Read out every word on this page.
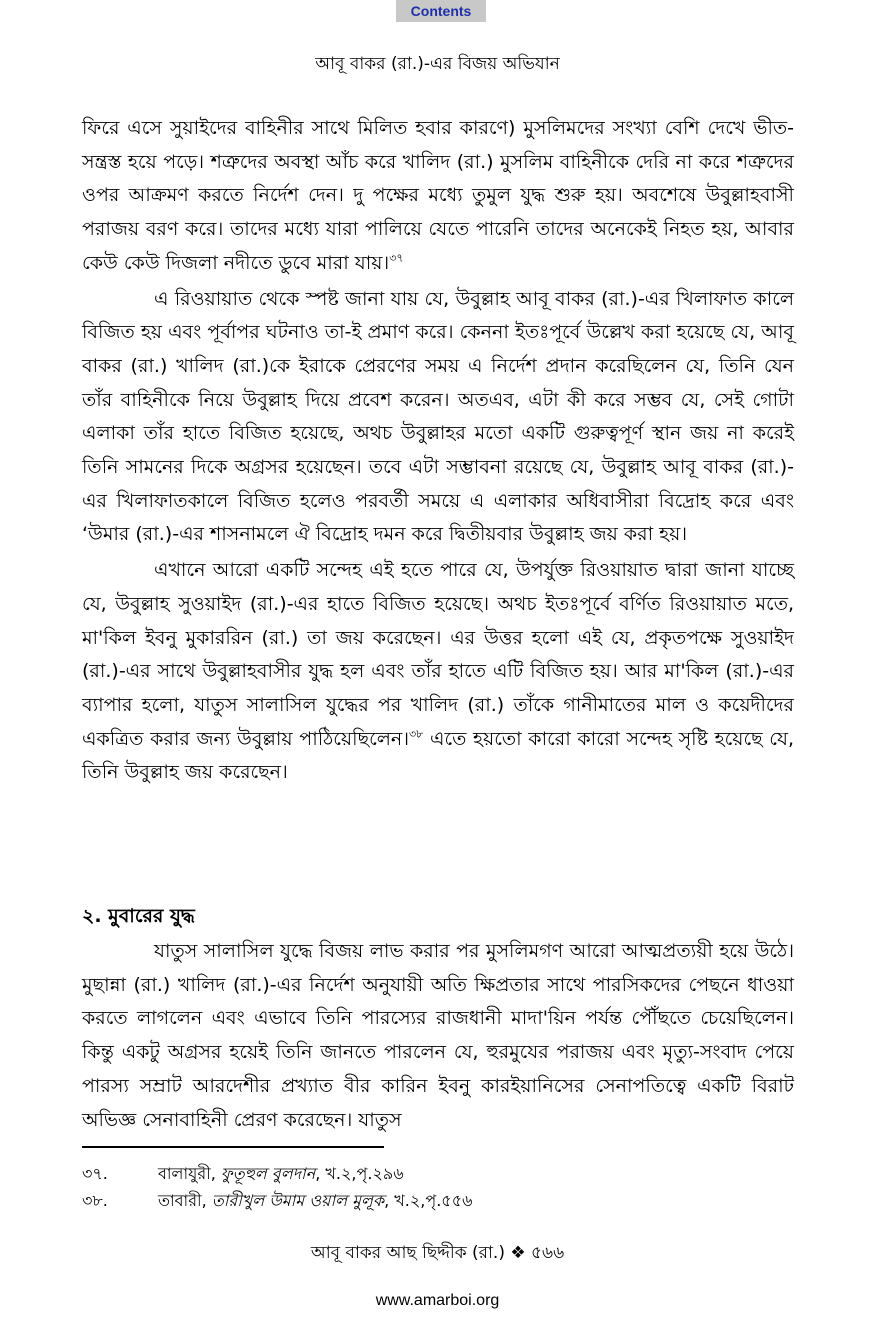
Contents
আবূ বাকর (রা.)-এর বিজয় অভিযান

ফিরে এসে সুয়াইদের বাহিনীর সাথে মিলিত হবার কারণে) মুসলিমদের সংখ্যা বেশি দেখে ভীত-সন্ত্রস্ত হয়ে পড়ে। শত্রুদের অবস্থা আঁচ করে খালিদ (রা.) মুসলিম বাহিনীকে দেরি না করে শত্রুদের ওপর আক্রমণ করতে নির্দেশ দেন। দু পক্ষের মধ্যে তুমুল যুদ্ধ শুরু হয়। অবশেষে উবুল্লাহবাসী পরাজয় বরণ করে। তাদের মধ্যে যারা পালিয়ে যেতে পারেনি তাদের অনেকেই নিহত হয়, আবার কেউ কেউ দিজলা নদীতে ডুবে মারা যায়।$^{৩৭}$

এ রিওয়ায়াত থেকে স্পষ্ট জানা যায় যে, উবুল্লাহ আবূ বাকর (রা.)-এর খিলাফাত কালে বিজিত হয় এবং পূর্বাপর ঘটনাও তা-ই প্রমাণ করে। কেননা ইতঃপূর্বে উল্লেখ করা হয়েছে যে, আবূ বাকর (রা.) খালিদ (রা.)কে ইরাকে প্রেরণের সময় এ নির্দেশ প্রদান করেছিলেন যে, তিনি যেন তাঁর বাহিনীকে নিয়ে উবুল্লাহ দিয়ে প্রবেশ করেন। অতএব, এটা কী করে সম্ভব যে, সেই গোটা এলাকা তাঁর হাতে বিজিত হয়েছে, অথচ উবুল্লাহর মতো একটি গুরুত্বপূর্ণ স্থান জয় না করেই তিনি সামনের দিকে অগ্রসর হয়েছেন। তবে এটা সম্ভাবনা রয়েছে যে, উবুল্লাহ আবূ বাকর (রা.)-এর খিলাফাতকালে বিজিত হলেও পরবর্তী সময়ে এ এলাকার অধিবাসীরা বিদ্রোহ করে এবং ‘উমার (রা.)-এর শাসনামলে ঐ বিদ্রোহ দমন করে দ্বিতীয়বার উবুল্লাহ জয় করা হয়।

এখানে আরো একটি সন্দেহ এই হতে পারে যে, উপর্যুক্ত রিওয়ায়াত দ্বারা জানা যাচ্ছে যে, উবুল্লাহ সুওয়াইদ (রা.)-এর হাতে বিজিত হয়েছে। অথচ ইতঃপূর্বে বর্ণিত রিওয়ায়াত মতে, মা'কিল ইবনু মুকাররিন (রা.) তা জয় করেছেন। এর উত্তর হলো এই যে, প্রকৃতপক্ষে সুওয়াইদ (রা.)-এর সাথে উবুল্লাহবাসীর যুদ্ধ হল এবং তাঁর হাতে এটি বিজিত হয়। আর মা'কিল (রা.)-এর ব্যাপার হলো, যাতুস সালাসিল যুদ্ধের পর খালিদ (রা.) তাঁকে গানীমাতের মাল ও কয়েদীদের একত্রিত করার জন্য উবুল্লায় পাঠিয়েছিলেন।$^{৩৮}$ এতে হয়তো কারো কারো সন্দেহ সৃষ্টি হয়েছে যে, তিনি উবুল্লাহ জয় করেছেন।

২. মুবারের যুদ্ধ

যাতুস সালাসিল যুদ্ধে বিজয় লাভ করার পর মুসলিমগণ আরো আত্মপ্রত্যয়ী হয়ে উঠে। মুছান্না (রা.) খালিদ (রা.)-এর নির্দেশ অনুযায়ী অতি ক্ষিপ্রতার সাথে পারসিকদের পেছনে ধাওয়া করতে লাগলেন এবং এভাবে তিনি পারস্যের রাজধানী মাদা'য়িন পর্যন্ত পৌঁছতে চেয়েছিলেন। কিন্তু একটু অগ্রসর হয়েই তিনি জানতে পারলেন যে, হুরমুযের পরাজয় এবং মৃত্যু-সংবাদ পেয়ে পারস্য সম্রাট আরদেশীর প্রখ্যাত বীর কারিন ইবনু কারইয়ানিসের সেনাপতিত্বে একটি বিরাট অভিজ্ঞ সেনাবাহিনী প্রেরণ করেছেন। যাতুস

৩৭.	বালাযুরী, ফুতূহুল বুলদান, খ.২,পৃ.২৯৬
৩৮.	তাবারী, তারীখুল উমাম ওয়াল মুলূক, খ.২,পৃ.৫৫৬
আবূ বাকর আছ ছিদ্দীক (রা.) ❖ ৫৬৬
www.amarboi.org
